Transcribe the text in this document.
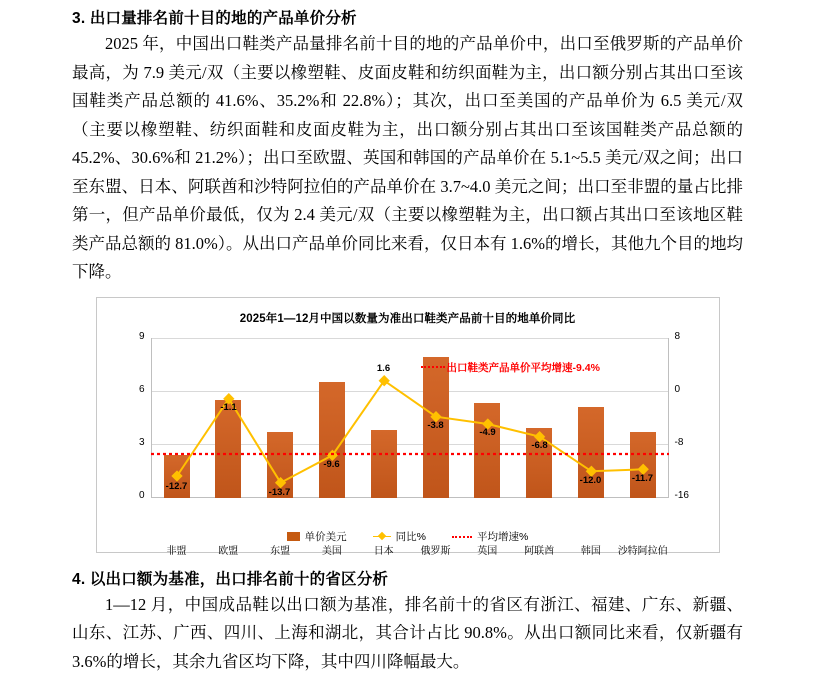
3. 出口量排名前十目的地的产品单价分析

2025 年，中国出口鞋类产品量排名前十目的地的产品单价中，出口至俄罗斯的产品单价最高，为 7.9 美元/双（主要以橡塑鞋、皮面皮鞋和纺织面鞋为主，出口额分别占其出口至该国鞋类产品总额的 41.6%、35.2%和 22.8%）；其次，出口至美国的产品单价为 6.5 美元/双（主要以橡塑鞋、纺织面鞋和皮面皮鞋为主，出口额分别占其出口至该国鞋类产品总额的 45.2%、30.6%和 21.2%）；出口至欧盟、英国和韩国的产品单价在 5.1~5.5 美元/双之间；出口至东盟、日本、阿联酋和沙特阿拉伯的产品单价在 3.7~4.0 美元之间；出口至非盟的量占比排第一，但产品单价最低，仅为 2.4 美元/双（主要以橡塑鞋为主，出口额占其出口至该地区鞋类产品总额的 81.0%）。从出口产品单价同比来看，仅日本有 1.6%的增长，其他九个目的地均下降。

2025年1—12月中国以数量为准出口鞋类产品前十目的地单价同比
-12.7
-1.1
-13.7
-9.6
1.6
-3.8
-4.9
-6.8
-12.0	-11.7
非盟	欧盟	东盟	美国	日本	俄罗斯	英国	阿联酋	韩国	沙特阿拉伯
9
6
3
0
8
0
-8
-16
出口鞋类产品单价平均增速-9.4%
单价美元	同比%	平均增速%
4. 以出口额为基准，出口排名前十的省区分析

1—12 月，中国成品鞋以出口额为基准，排名前十的省区有浙江、福建、广东、新疆、山东、江苏、广西、四川、上海和湖北，其合计占比 90.8%。从出口额同比来看，仅新疆有 3.6%的增长，其余九省区均下降，其中四川降幅最大。
